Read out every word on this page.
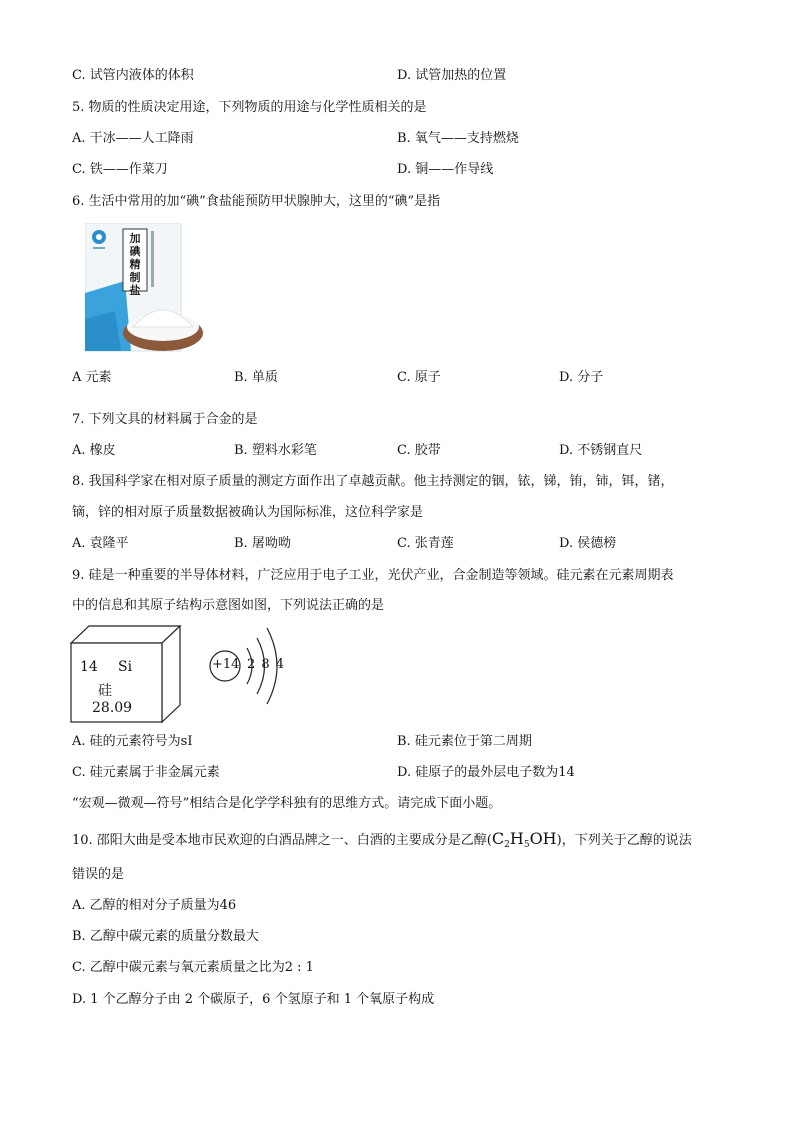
C. 试管内液体的体积	D. 试管加热的位置
5. 物质的性质决定用途，下列物质的用途与化学性质相关的是
A. 干冰——人工降雨	B. 氧气——支持燃烧
C. 铁——作菜刀	D. 铜——作导线
6. 生活中常用的加“碘”食盐能预防甲状腺肿大，这里的“碘”是指
加碘精制盐
A 元素	B. 单质	C. 原子	D. 分子
7. 下列文具的材料属于合金的是
A. 橡皮	B. 塑料水彩笔	C. 胶带	D. 不锈钢直尺
8. 我国科学家在相对原子质量的测定方面作出了卓越贡献。他主持测定的铟，铱，锑，铕，铈，铒，锗，
镝，锌的相对原子质量数据被确认为国际标准，这位科学家是
A. 袁隆平	B. 屠呦呦	C. 张青莲	D. 侯德榜
9. 硅是一种重要的半导体材料，广泛应用于电子工业，光伏产业，合金制造等领域。硅元素在元素周期表
中的信息和其原子结构示意图如图，下列说法正确的是
14 Si
硅
28.09
+14 2 8 4
A. 硅的元素符号为sI	B. 硅元素位于第二周期
C. 硅元素属于非金属元素	D. 硅原子的最外层电子数为14
“宏观—微观—符号”相结合是化学学科独有的思维方式。请完成下面小题。
10. 邵阳大曲是受本地市民欢迎的白酒品牌之一、白酒的主要成分是乙醇$(C_2H_5OH)$，下列关于乙醇的说法
错误的是
A. 乙醇的相对分子质量为46
B. 乙醇中碳元素的质量分数最大
C. 乙醇中碳元素与氧元素质量之比为2 : 1
D. 1 个乙醇分子由 2 个碳原子，6 个氢原子和 1 个氧原子构成
